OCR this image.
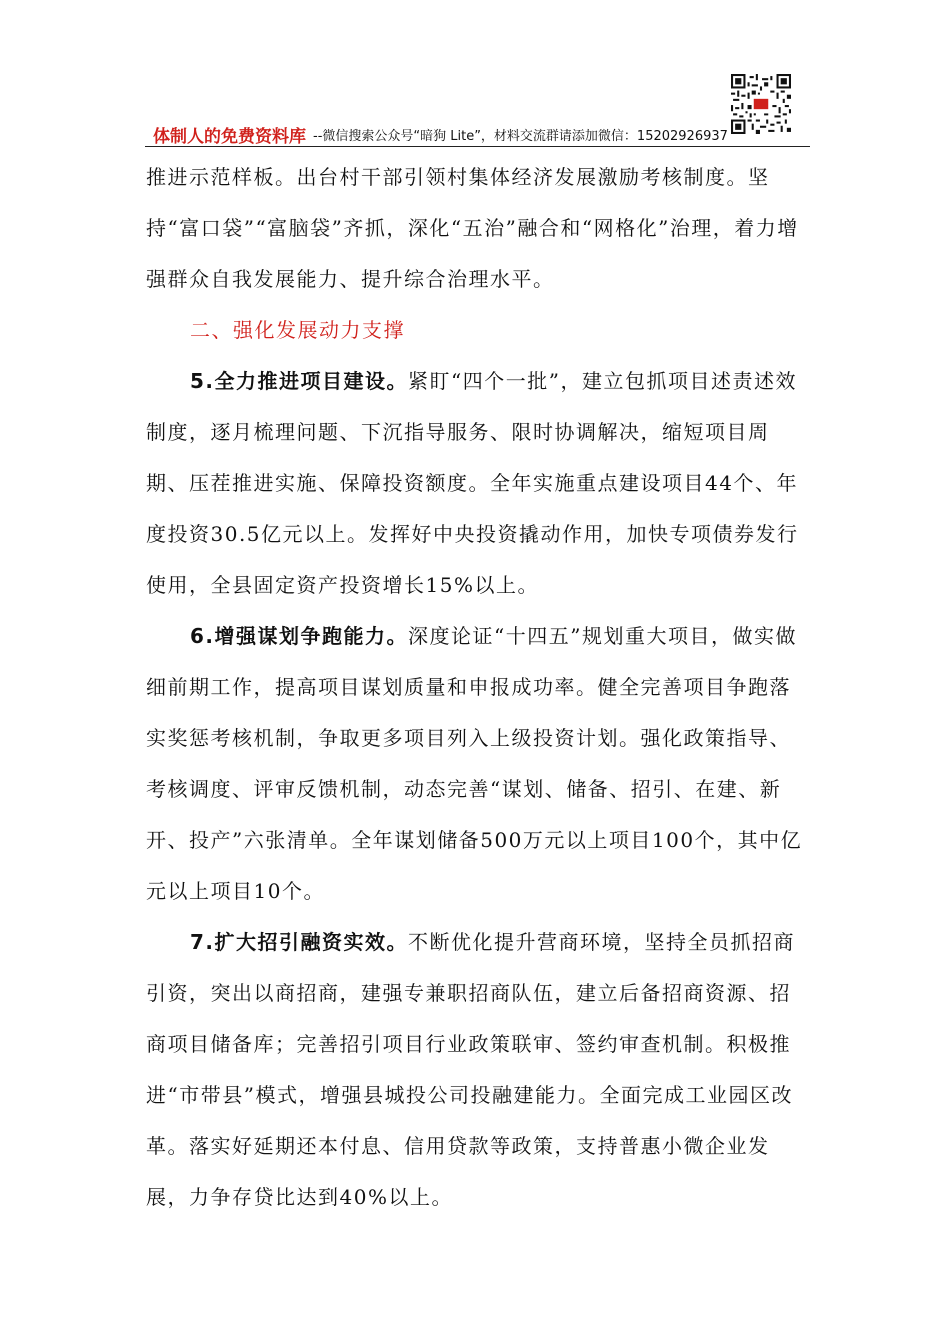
体制人的免费资料库 --微信搜索公众号“暗狗 Lite”，材料交流群请添加微信：15202926937

推进示范样板。出台村干部引领村集体经济发展激励考核制度。坚持“富口袋”“富脑袋”齐抓，深化“五治”融合和“网格化”治理，着力增强群众自我发展能力、提升综合治理水平。

二、强化发展动力支撑

5.全力推进项目建设。紧盯“四个一批”，建立包抓项目述责述效制度，逐月梳理问题、下沉指导服务、限时协调解决，缩短项目周期、压茬推进实施、保障投资额度。全年实施重点建设项目44个、年度投资30.5亿元以上。发挥好中央投资撬动作用，加快专项债券发行使用，全县固定资产投资增长15%以上。

6.增强谋划争跑能力。深度论证“十四五”规划重大项目，做实做细前期工作，提高项目谋划质量和申报成功率。健全完善项目争跑落实奖惩考核机制，争取更多项目列入上级投资计划。强化政策指导、考核调度、评审反馈机制，动态完善“谋划、储备、招引、在建、新开、投产”六张清单。全年谋划储备500万元以上项目100个，其中亿元以上项目10个。

7.扩大招引融资实效。不断优化提升营商环境，坚持全员抓招商引资，突出以商招商，建强专兼职招商队伍，建立后备招商资源、招商项目储备库；完善招引项目行业政策联审、签约审查机制。积极推进“市带县”模式，增强县城投公司投融建能力。全面完成工业园区改革。落实好延期还本付息、信用贷款等政策，支持普惠小微企业发展，力争存贷比达到40%以上。
